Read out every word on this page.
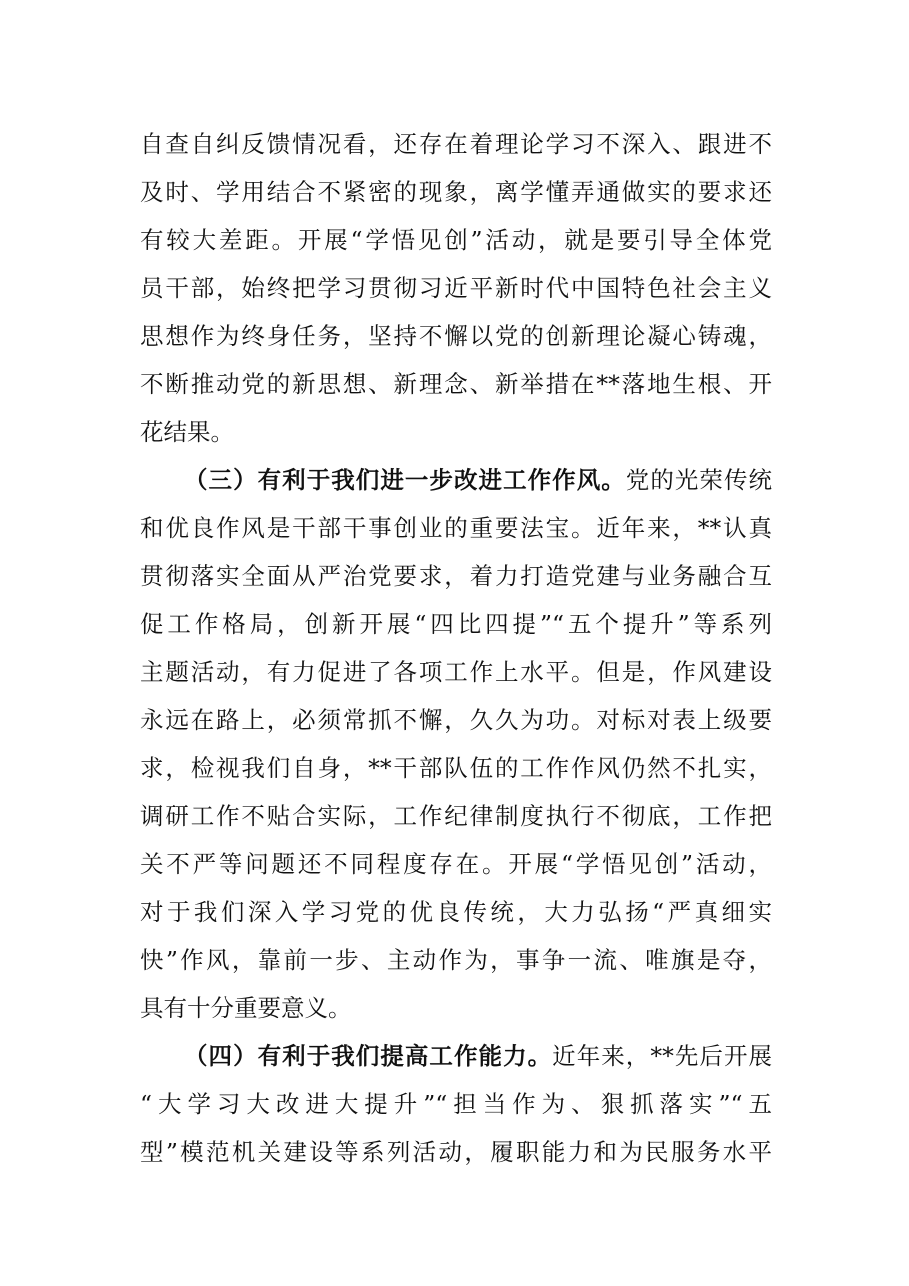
自查自纠反馈情况看，还存在着理论学习不深入、跟进不
及时、学用结合不紧密的现象，离学懂弄通做实的要求还
有较大差距。开展“学悟见创”活动，就是要引导全体党
员干部，始终把学习贯彻习近平新时代中国特色社会主义
思想作为终身任务，坚持不懈以党的创新理论凝心铸魂，
不断推动党的新思想、新理念、新举措在**落地生根、开
花结果。
（三）有利于我们进一步改进工作作风。党的光荣传统
和优良作风是干部干事创业的重要法宝。近年来，**认真
贯彻落实全面从严治党要求，着力打造党建与业务融合互
促工作格局，创新开展“四比四提”“五个提升”等系列
主题活动，有力促进了各项工作上水平。但是，作风建设
永远在路上，必须常抓不懈，久久为功。对标对表上级要
求，检视我们自身，**干部队伍的工作作风仍然不扎实，
调研工作不贴合实际，工作纪律制度执行不彻底，工作把
关不严等问题还不同程度存在。开展“学悟见创”活动，
对于我们深入学习党的优良传统，大力弘扬“严真细实
快”作风，靠前一步、主动作为，事争一流、唯旗是夺，
具有十分重要意义。
（四）有利于我们提高工作能力。近年来，**先后开展
“大学习大改进大提升”“担当作为、狠抓落实”“五
型”模范机关建设等系列活动，履职能力和为民服务水平
